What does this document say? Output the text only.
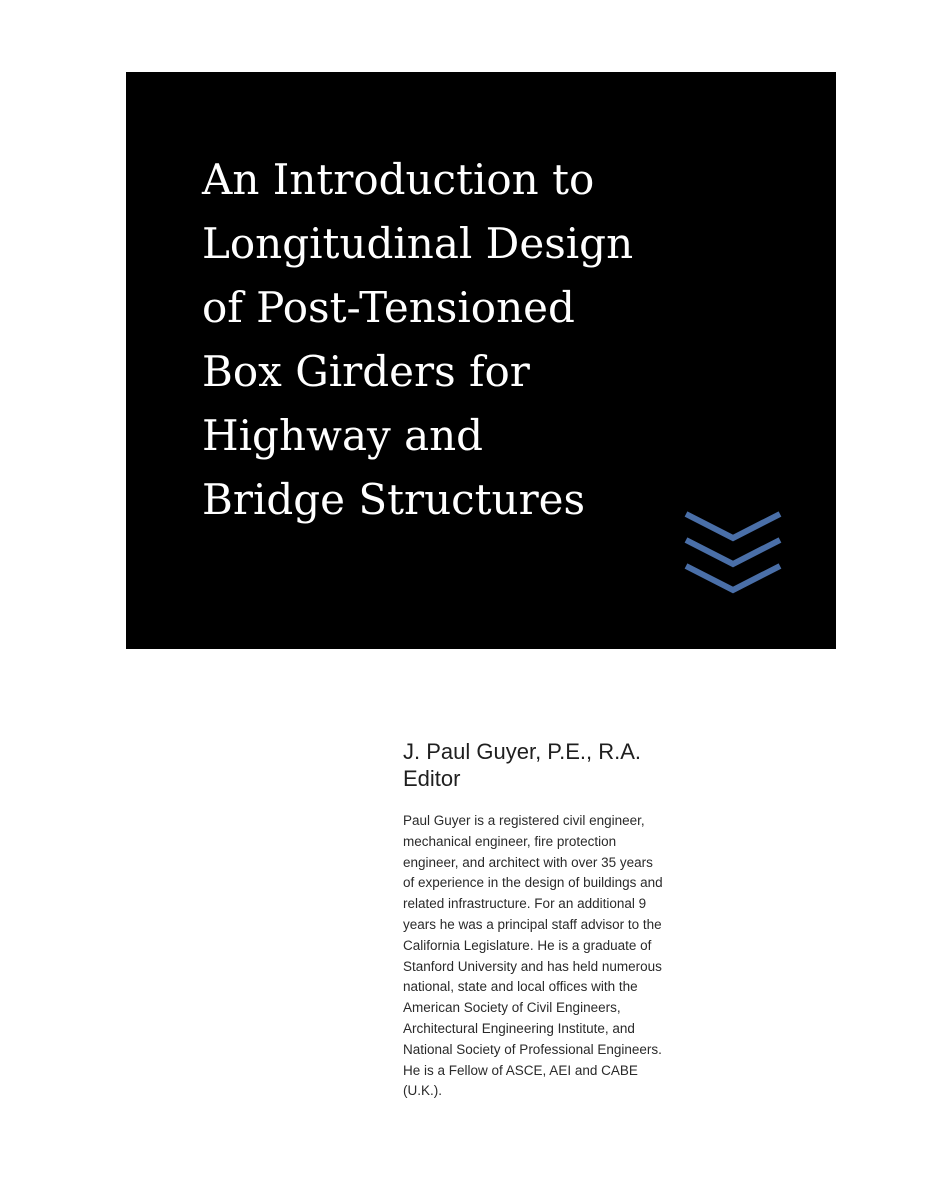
An Introduction to
Longitudinal Design
of Post-Tensioned
Box Girders for
Highway and
Bridge Structures

J. Paul Guyer, P.E., R.A.

Editor

Paul Guyer is a registered civil engineer,
mechanical engineer, fire protection
engineer, and architect with over 35 years
of experience in the design of buildings and
related infrastructure. For an additional 9
years he was a principal staff advisor to the
California Legislature. He is a graduate of
Stanford University and has held numerous
national, state and local offices with the
American Society of Civil Engineers,
Architectural Engineering Institute, and
National Society of Professional Engineers.
He is a Fellow of ASCE, AEI and CABE
(U.K.).
